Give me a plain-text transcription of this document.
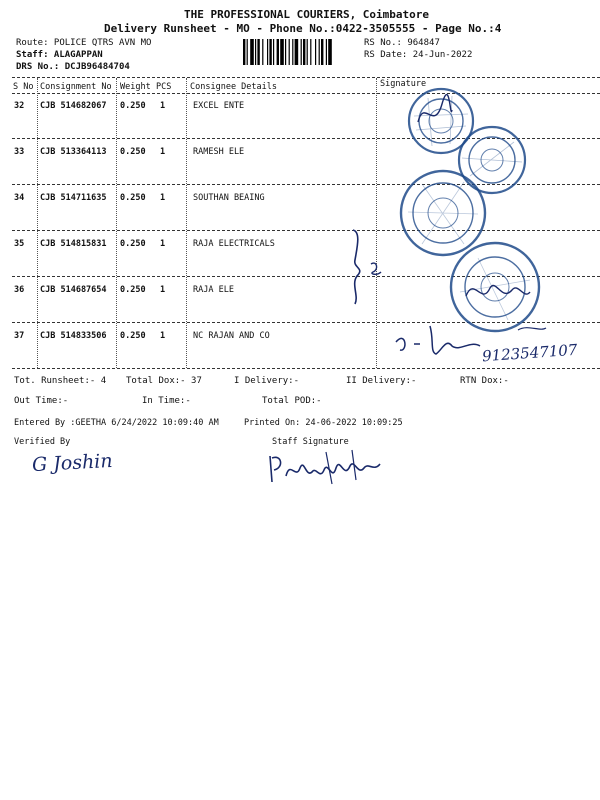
THE PROFESSIONAL COURIERS, Coimbatore
Delivery Runsheet - MO - Phone No.:0422-3505555 - Page No.:4
Route: POLICE QTRS AVN MO
Staff: ALAGAPPAN
DRS No.: DCJB96484704
RS No.: 964847
RS Date: 24-Jun-2022
S No Consignment No Weight PCS Consignee Details	Signature
32 CJB 514682067 0.250 1	EXCEL ENTE
33 CJB 513364113 0.250 1	RAMESH ELE
34 CJB 514711635 0.250 1	SOUTHAN BEAING
35 CJB 514815831 0.250 1	RAJA ELECTRICALS
36 CJB 514687654 0.250 1	RAJA ELE
37 CJB 514833506 0.250 1	NC RAJAN AND CO
9123547107
Tot. Runsheet:- 4 Total Dox:- 37	I Delivery:-	II Delivery:-	RTN Dox:-
Out Time:-	In Time:-	Total POD:-
Entered By :GEETHA 6/24/2022 10:09:40 AM	Printed On: 24-06-2022 10:09:25
Verified By	Staff Signature
G Joshin
